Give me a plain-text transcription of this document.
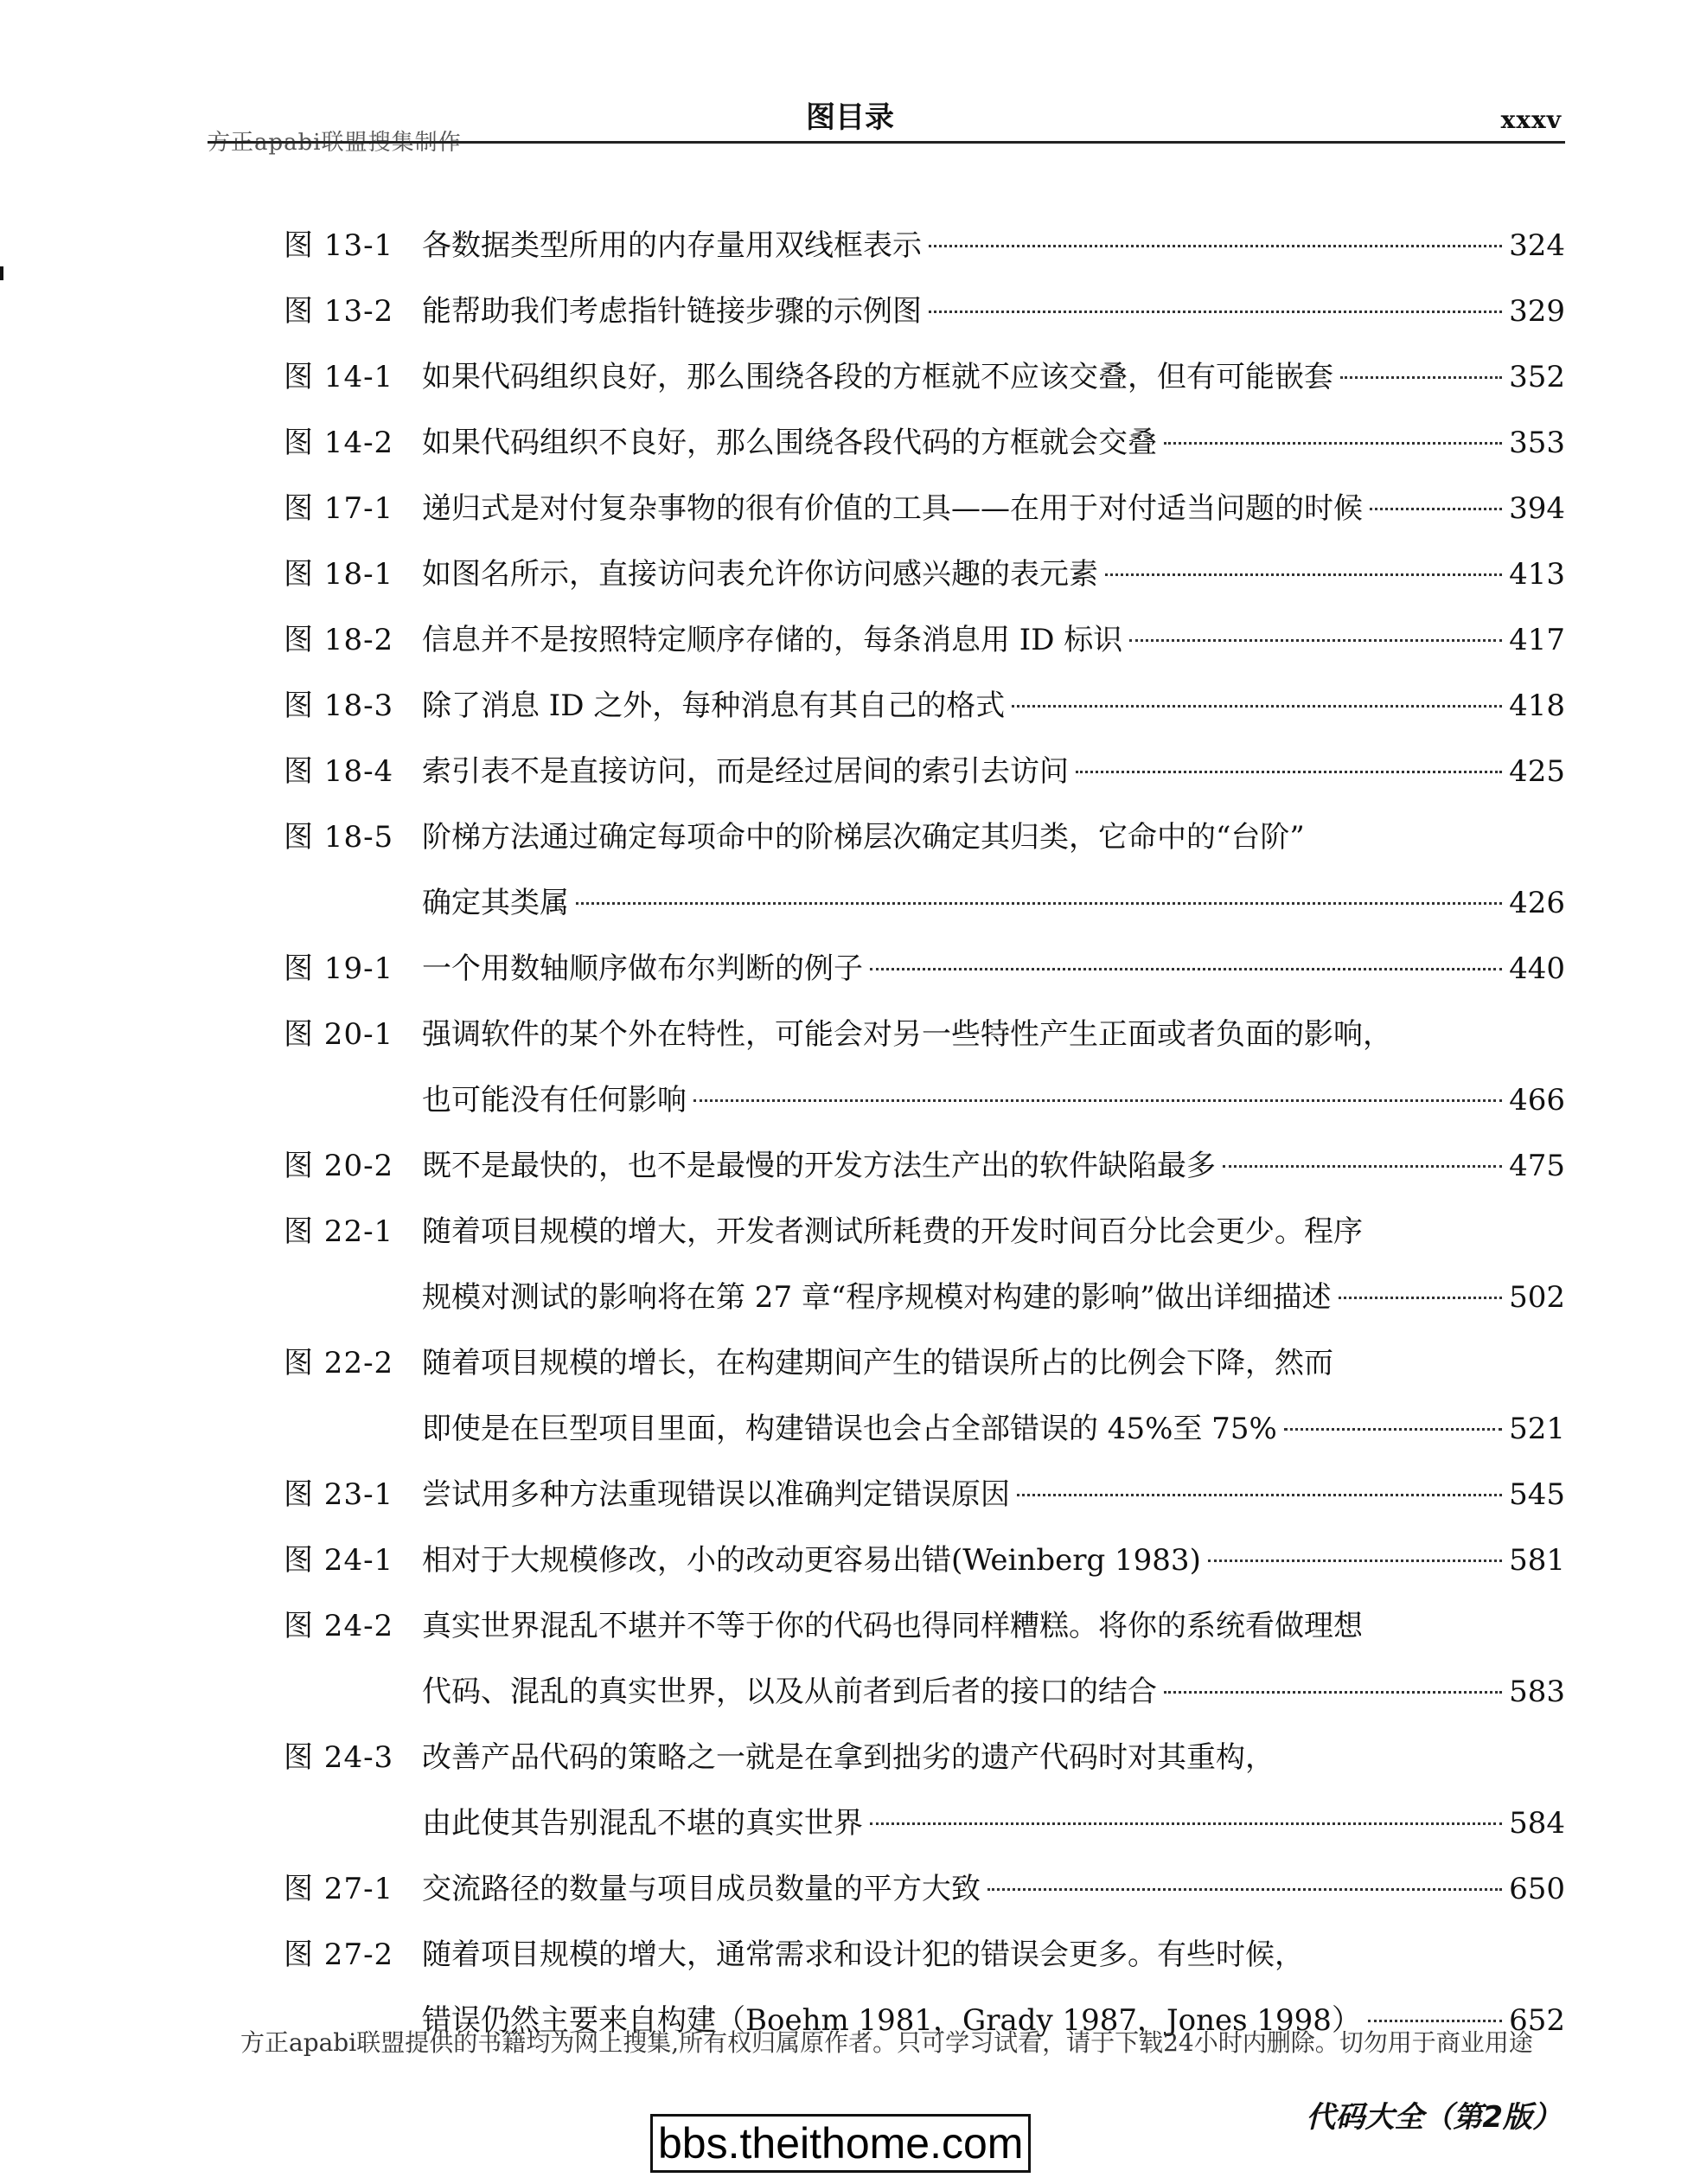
方正apabi联盟搜集制作
图目录	xxxv
图 13-1 各数据类型所用的内存量用双线框表示	324
图 13-2 能帮助我们考虑指针链接步骤的示例图	329
图 14-1 如果代码组织良好，那么围绕各段的方框就不应该交叠，但有可能嵌套	352
图 14-2 如果代码组织不良好，那么围绕各段代码的方框就会交叠	353
图 17-1 递归式是对付复杂事物的很有价值的工具——在用于对付适当问题的时候	394
图 18-1 如图名所示，直接访问表允许你访问感兴趣的表元素	413
图 18-2 信息并不是按照特定顺序存储的，每条消息用 ID 标识	417
图 18-3 除了消息 ID 之外，每种消息有其自己的格式	418
图 18-4 索引表不是直接访问，而是经过居间的索引去访问	425
图 18-5 阶梯方法通过确定每项命中的阶梯层次确定其归类，它命中的“台阶”
确定其类属	426
图 19-1 一个用数轴顺序做布尔判断的例子	440
图 20-1 强调软件的某个外在特性，可能会对另一些特性产生正面或者负面的影响，
也可能没有任何影响	466
图 20-2 既不是最快的，也不是最慢的开发方法生产出的软件缺陷最多	475
图 22-1 随着项目规模的增大，开发者测试所耗费的开发时间百分比会更少。程序
规模对测试的影响将在第 27 章“程序规模对构建的影响”做出详细描述	502
图 22-2 随着项目规模的增长，在构建期间产生的错误所占的比例会下降，然而
即使是在巨型项目里面，构建错误也会占全部错误的 45%至 75%	521
图 23-1 尝试用多种方法重现错误以准确判定错误原因	545
图 24-1 相对于大规模修改，小的改动更容易出错(Weinberg 1983)	581
图 24-2 真实世界混乱不堪并不等于你的代码也得同样糟糕。将你的系统看做理想
代码、混乱的真实世界，以及从前者到后者的接口的结合	583
图 24-3 改善产品代码的策略之一就是在拿到拙劣的遗产代码时对其重构，
由此使其告别混乱不堪的真实世界	584
图 27-1 交流路径的数量与项目成员数量的平方大致	650
图 27-2 随着项目规模的增大，通常需求和设计犯的错误会更多。有些时候，
错误仍然主要来自构建（Boehm 1981，Grady 1987，Jones 1998）	652
方正apabi联盟提供的书籍均为网上搜集,所有权归属原作者。只可学习试看，请于下载24小时内删除。切勿用于商业用途
代码大全（第2版）
bbs.theithome.com
